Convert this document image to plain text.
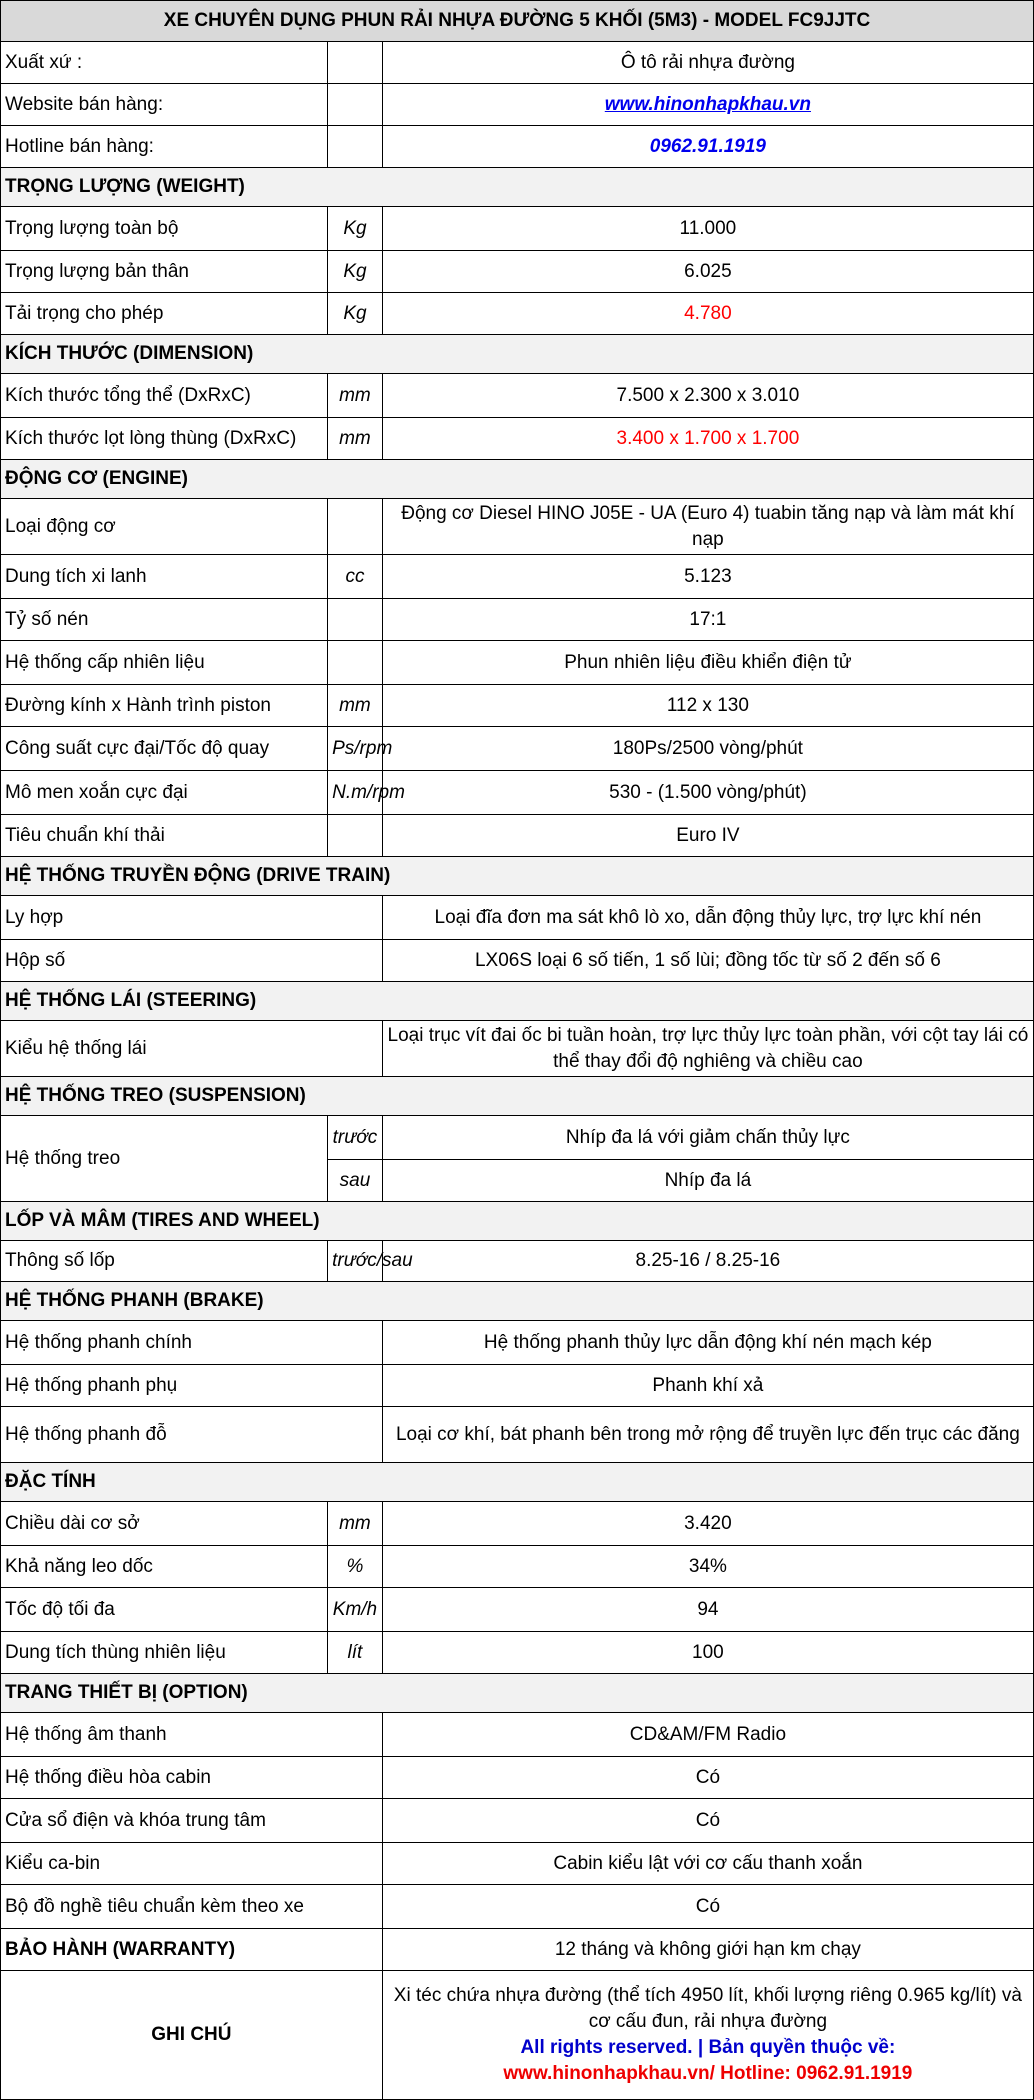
XE CHUYÊN DỤNG PHUN RẢI NHỰA ĐƯỜNG 5 KHỐI (5M3) - MODEL FC9JJTC		
Xuất xứ :		Ô tô rải nhựa đường
Website bán hàng:		www.hinonhapkhau.vn
Hotline bán hàng:		0962.91.1919
TRỌNG LƯỢNG (WEIGHT)		
Trọng lượng toàn bộ	Kg	11.000
Trọng lượng bản thân	Kg	6.025
Tải trọng cho phép	Kg	4.780
KÍCH THƯỚC (DIMENSION)		
Kích thước tổng thể (DxRxC)	mm	7.500 x 2.300 x 3.010
Kích thước lọt lòng thùng (DxRxC)	mm	3.400 x 1.700 x 1.700
ĐỘNG CƠ (ENGINE)		
Loại động cơ		Động cơ Diesel HINO J05E - UA (Euro 4) tuabin tăng nạp và làm mát khí nạp
Dung tích xi lanh	cc	5.123
Tỷ số nén		17:1
Hệ thống cấp nhiên liệu		Phun nhiên liệu điều khiển điện tử
Đường kính x Hành trình piston	mm	112 x 130
Công suất cực đại/Tốc độ quay	Ps/rpm	180Ps/2500 vòng/phút
Mô men xoắn cực đại	N.m/rpm	530 - (1.500 vòng/phút)
Tiêu chuẩn khí thải		Euro IV
HỆ THỐNG TRUYỀN ĐỘNG (DRIVE TRAIN)		
Ly hợp		Loại đĩa đơn ma sát khô lò xo, dẫn động thủy lực, trợ lực khí nén
Hộp số		LX06S loại 6 số tiến, 1 số lùi; đồng tốc từ số 2 đến số 6
HỆ THỐNG LÁI (STEERING)		
Kiểu hệ thống lái		Loại trục vít đai ốc bi tuần hoàn, trợ lực thủy lực toàn phần, với cột tay lái có thể thay đổi độ nghiêng và chiều cao
HỆ THỐNG TREO (SUSPENSION)		
Hệ thống treo	trước	Nhíp đa lá với giảm chấn thủy lực
	sau	Nhíp đa lá
LỐP VÀ MÂM (TIRES AND WHEEL)		
Thông số lốp	trước/sau	8.25-16 / 8.25-16
HỆ THỐNG PHANH (BRAKE)		
Hệ thống phanh chính		Hệ thống phanh thủy lực dẫn động khí nén mạch kép
Hệ thống phanh phụ		Phanh khí xả
Hệ thống phanh đỗ		Loại cơ khí, bát phanh bên trong mở rộng để truyền lực đến trục các đăng
ĐẶC TÍNH		
Chiều dài cơ sở	mm	3.420
Khả năng leo dốc	%	34%
Tốc độ tối đa	Km/h	94
Dung tích thùng nhiên liệu	lít	100
TRANG THIẾT BỊ (OPTION)		
Hệ thống âm thanh		CD&AM/FM Radio
Hệ thống điều hòa cabin		Có
Cửa sổ điện và khóa trung tâm		Có
Kiểu ca-bin		Cabin kiểu lật với cơ cấu thanh xoắn
Bộ đồ nghề tiêu chuẩn kèm theo xe		Có
BẢO HÀNH (WARRANTY)		12 tháng và không giới hạn km chạy
GHI CHÚ		Xi téc chứa nhựa đường (thể tích 4950 lít, khối lượng riêng 0.965 kg/lít) và cơ cấu đun, rải nhựa đường
All rights reserved. | Bản quyền thuộc về:
www.hinonhapkhau.vn/ Hotline: 0962.91.1919
